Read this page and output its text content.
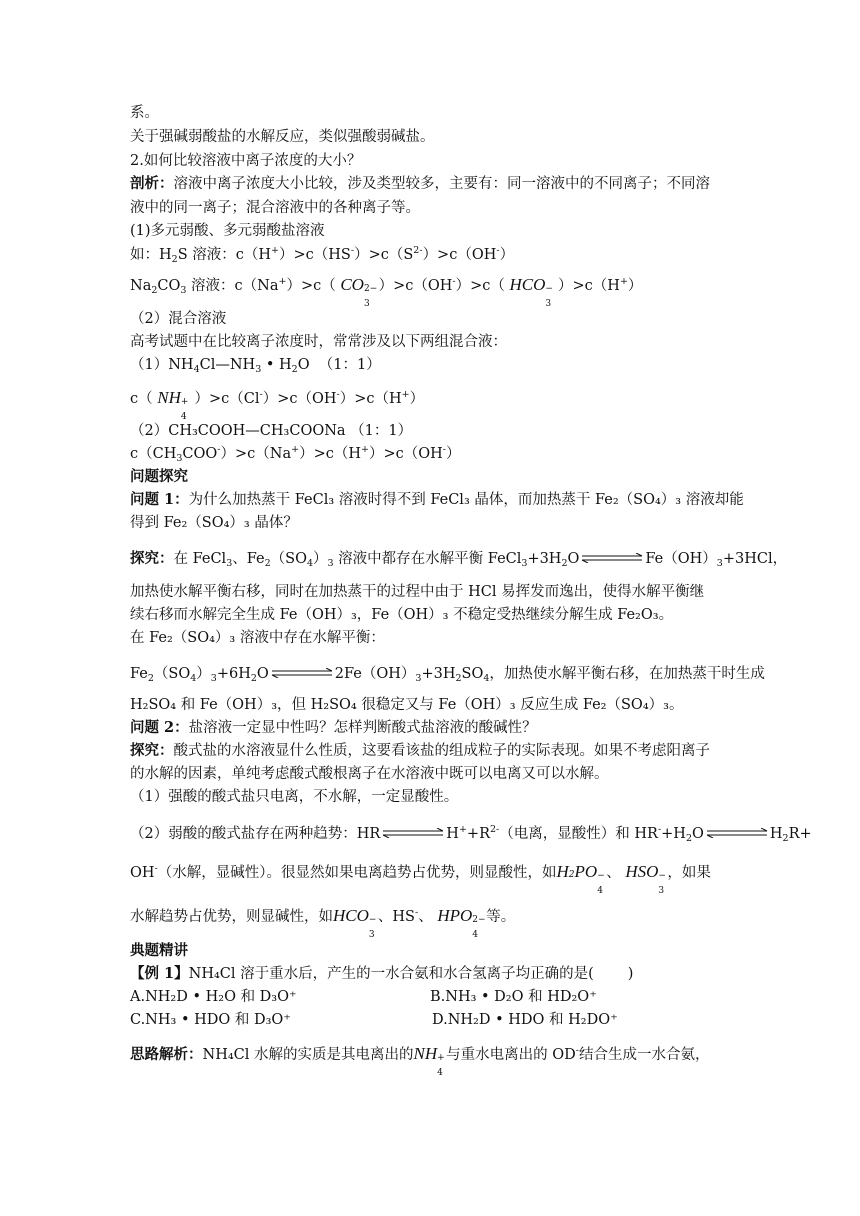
系。
关于强碱弱酸盐的水解反应，类似强酸弱碱盐。
2.如何比较溶液中离子浓度的大小？
剖析：溶液中离子浓度大小比较，涉及类型较多，主要有：同一溶液中的不同离子；不同溶
液中的同一离子；混合溶液中的各种离子等。
(1)多元弱酸、多元弱酸盐溶液
如：$H_2S$ 溶液：$c(H^+)>c(HS^-)>c(S^{2-})>c(OH^-)$
$Na_2CO_3$ 溶液：c（Na+）>c（ CO 2−
3
）>c（OH-）>c（ HCO −
3
）>c（H+）
（2）混合溶液
高考试题中在比较离子浓度时，常常涉及以下两组混合液：
$(1)NH_4Cl—NH_3$ • $H_2O$  （1：1）
c（ NH +
4
）>c（Cl-）>c（OH-）>c（H+）
（2）CH₃COOH—CH₃COONa （1：1）
$c(CH_3COO^-)>c(Na^+)>c(H^+)>c(OH^-)$
问题探究
问题 1：为什么加热蒸干 FeCl₃ 溶液时得不到 FeCl₃ 晶体，而加热蒸干 Fe₂（SO₄）₃ 溶液却能
得到 Fe₂（SO₄）₃ 晶体？
探究：在 FeCl$_3$、$Fe_2(SO_4)_3$ 溶液中都存在水解平衡 $FeCl_3+3H_2O$	$Fe(OH)_3+3HCl$，
加热使水解平衡右移，同时在加热蒸干的过程中由于 HCl 易挥发而逸出，使得水解平衡继
续右移而水解完全生成 Fe（OH）₃，Fe（OH）₃ 不稳定受热继续分解生成 Fe₂O₃。
在 Fe₂（SO₄）₃ 溶液中存在水解平衡：
$Fe_2(SO_4)_3+6H_2O$	$2Fe(OH)_3+3H_2SO_4$，加热使水解平衡右移，在加热蒸干时生成
H₂SO₄ 和 Fe（OH）₃，但 H₂SO₄ 很稳定又与 Fe（OH）₃ 反应生成 Fe₂（SO₄）₃。
问题 2：盐溶液一定显中性吗？怎样判断酸式盐溶液的酸碱性？
探究：酸式盐的水溶液显什么性质，这要看该盐的组成粒子的实际表现。如果不考虑阳离子
的水解的因素，单纯考虑酸式酸根离子在水溶液中既可以电离又可以水解。
（1）强酸的酸式盐只电离，不水解，一定显酸性。
（2）弱酸的酸式盐存在两种趋势：HR	$H^++R^{2-}$（电离，显酸性）和 $HR^-+H_2O$	$H_2R+$
OH-（水解，显碱性）。很显然如果电离趋势占优势，则显酸性，如H2PO −
4
、 HSO −
3
，如果
水解趋势占优势，则显碱性，如HCO −
3
、HS-、 HPO 2−
4
等。
典题精讲
【例 1】NH₄Cl 溶于重水后，产生的一水合氨和水合氢离子均正确的是( )
A.NH₂D • H₂O 和 D₃O⁺	B.NH₃ • D₂O 和 HD₂O⁺
C.NH₃ • HDO 和 D₃O⁺	D.NH₂D • HDO 和 H₂DO⁺
思路解析：NH₄Cl 水解的实质是其电离出的NH +
4
与重水电离出的 OD-结合生成一水合氨，
